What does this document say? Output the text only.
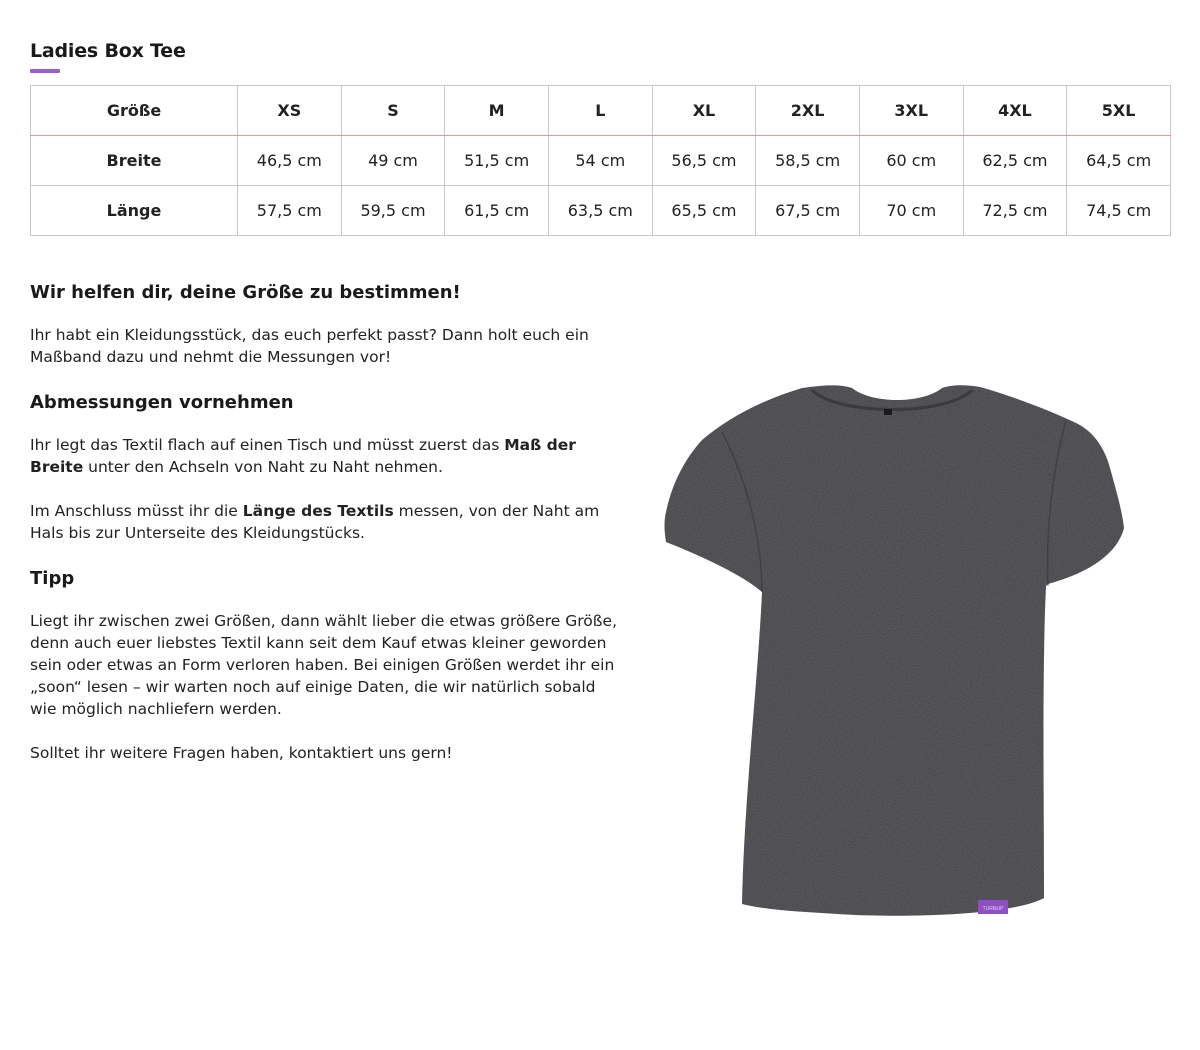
Ladies Box Tee
Größe	XS	S	M	L	XL	2XL	3XL	4XL	5XL
Breite	46,5 cm	49 cm	51,5 cm	54 cm	56,5 cm	58,5 cm	60 cm	62,5 cm	64,5 cm
Länge	57,5 cm	59,5 cm	61,5 cm	63,5 cm	65,5 cm	67,5 cm	70 cm	72,5 cm	74,5 cm
Wir helfen dir, deine Größe zu bestimmen!

Ihr habt ein Kleidungsstück, das euch perfekt passt? Dann holt euch ein Maßband dazu und nehmt die Messungen vor!

Abmessungen vornehmen

Ihr legt das Textil flach auf einen Tisch und müsst zuerst das Maß der Breite unter den Achseln von Naht zu Naht nehmen.

Im Anschluss müsst ihr die Länge des Textils messen, von der Naht am Hals bis zur Unterseite des Kleidungstücks.

Tipp

Liegt ihr zwischen zwei Größen, dann wählt lieber die etwas größere Größe, denn auch euer liebstes Textil kann seit dem Kauf etwas kleiner geworden sein oder etwas an Form verloren haben. Bei einigen Größen werdet ihr ein „soon“ lesen – wir warten noch auf einige Daten, die wir natürlich sobald wie möglich nachliefern werden.

Solltet ihr weitere Fragen haben, kontaktiert uns gern!

TURNUP
